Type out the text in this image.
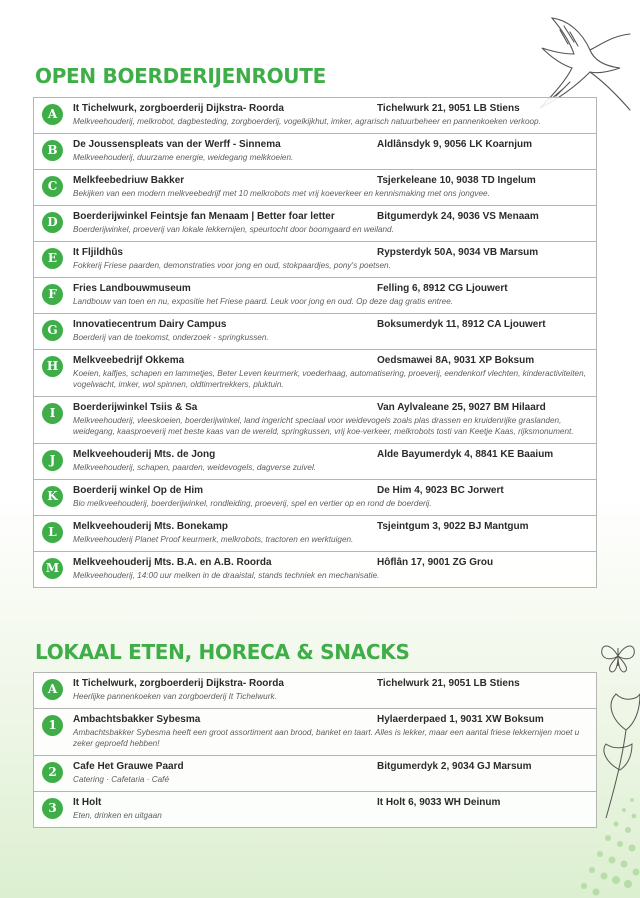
OPEN BOERDERIJENROUTE
A	It Tichelwurk, zorgboerderij Dijkstra- Roorda	Tichelwurk 21, 9051 LB Stiens
Melkveehouderij, melkrobot, dagbesteding, zorgboerderij, vogelkijkhut, imker, agrarisch natuurbeheer en pannenkoeken verkoop.
B	De Joussenspleats van der Werff - Sinnema	Aldlânsdyk 9, 9056 LK Koarnjum
Melkveehouderij, duurzame energie, weidegang melkkoeien.
C	Melkfeebedriuw Bakker	Tsjerkeleane 10, 9038 TD Ingelum
Bekijken van een modern melkveebedrijf met 10 melkrobots met vrij koeverkeer en kennismaking met ons jongvee.
D	Boerderijwinkel Feintsje fan Menaam | Better foar letter	Bitgumerdyk 24, 9036 VS Menaam
Boerderijwinkel, proeverij van lokale lekkernijen, speurtocht door boomgaard en weiland.
E	It Fljildhûs	Rypsterdyk 50A, 9034 VB Marsum
Fokkerij Friese paarden, demonstraties voor jong en oud, stokpaardjes, pony's poetsen.
F	Fries Landbouwmuseum	Felling 6, 8912 CG Ljouwert
Landbouw van toen en nu, expositie het Friese paard. Leuk voor jong en oud. Op deze dag gratis entree.
G	Innovatiecentrum Dairy Campus	Boksumerdyk 11, 8912 CA Ljouwert
Boerderij van de toekomst, onderzoek - springkussen.
H	Melkveebedrijf Okkema	Oedsmawei 8A, 9031 XP Boksum
Koeien, kalfjes, schapen en lammetjes, Beter Leven keurmerk, voederhaag, automatisering, proeverij, eendenkorf vlechten, kinderactiviteiten, vogelwacht, imker, wol spinnen, oldtimertrekkers, pluktuin.
I	Boerderijwinkel Tsiis & Sa	Van Aylvaleane 25, 9027 BM Hilaard
Melkveehouderij, vleeskoeien, boerderijwinkel, land ingericht speciaal voor weidevogels zoals plas drassen en kruidenrijke graslanden, weidegang, kaasproeverij met beste kaas van de wereld, springkussen, vrij koe-verkeer, melkrobots tosti van Keetje Kaas, rijksmonument.
J	Melkveehouderij Mts. de Jong	Alde Bayumerdyk 4, 8841 KE Baaium
Melkveehouderij, schapen, paarden, weidevogels, dagverse zuivel.
K	Boerderij winkel Op de Him	De Him 4, 9023 BC Jorwert
Bio melkveehouderij, boerderijwinkel, rondleiding, proeverij, spel en vertier op en rond de boerderij.
L	Melkveehouderij Mts. Bonekamp	Tsjeintgum 3, 9022 BJ Mantgum
Melkveehouderij Planet Proof keurmerk, melkrobots, tractoren en werktuigen.
M	Melkveehouderij Mts. B.A. en A.B. Roorda	Hôflân 17, 9001 ZG Grou
Melkveehouderij, 14:00 uur melken in de draaistal, stands techniek en mechanisatie.
LOKAAL ETEN, HORECA & SNACKS
A	It Tichelwurk, zorgboerderij Dijkstra- Roorda	Tichelwurk 21, 9051 LB Stiens
Heerlijke pannenkoeken van zorgboerderij It Tichelwurk.
1	Ambachtsbakker Sybesma	Hylaerderpaed 1, 9031 XW Boksum
Ambachtsbakker Sybesma heeft een groot assortiment aan brood, banket en taart. Alles is lekker, maar een aantal friese lekkernijen moet u zeker geproefd hebben!
2	Cafe Het Grauwe Paard	Bitgumerdyk 2, 9034 GJ Marsum
Catering · Cafetaria · Café
3	It Holt	It Holt 6, 9033 WH Deinum
Eten, drinken en uitgaan
